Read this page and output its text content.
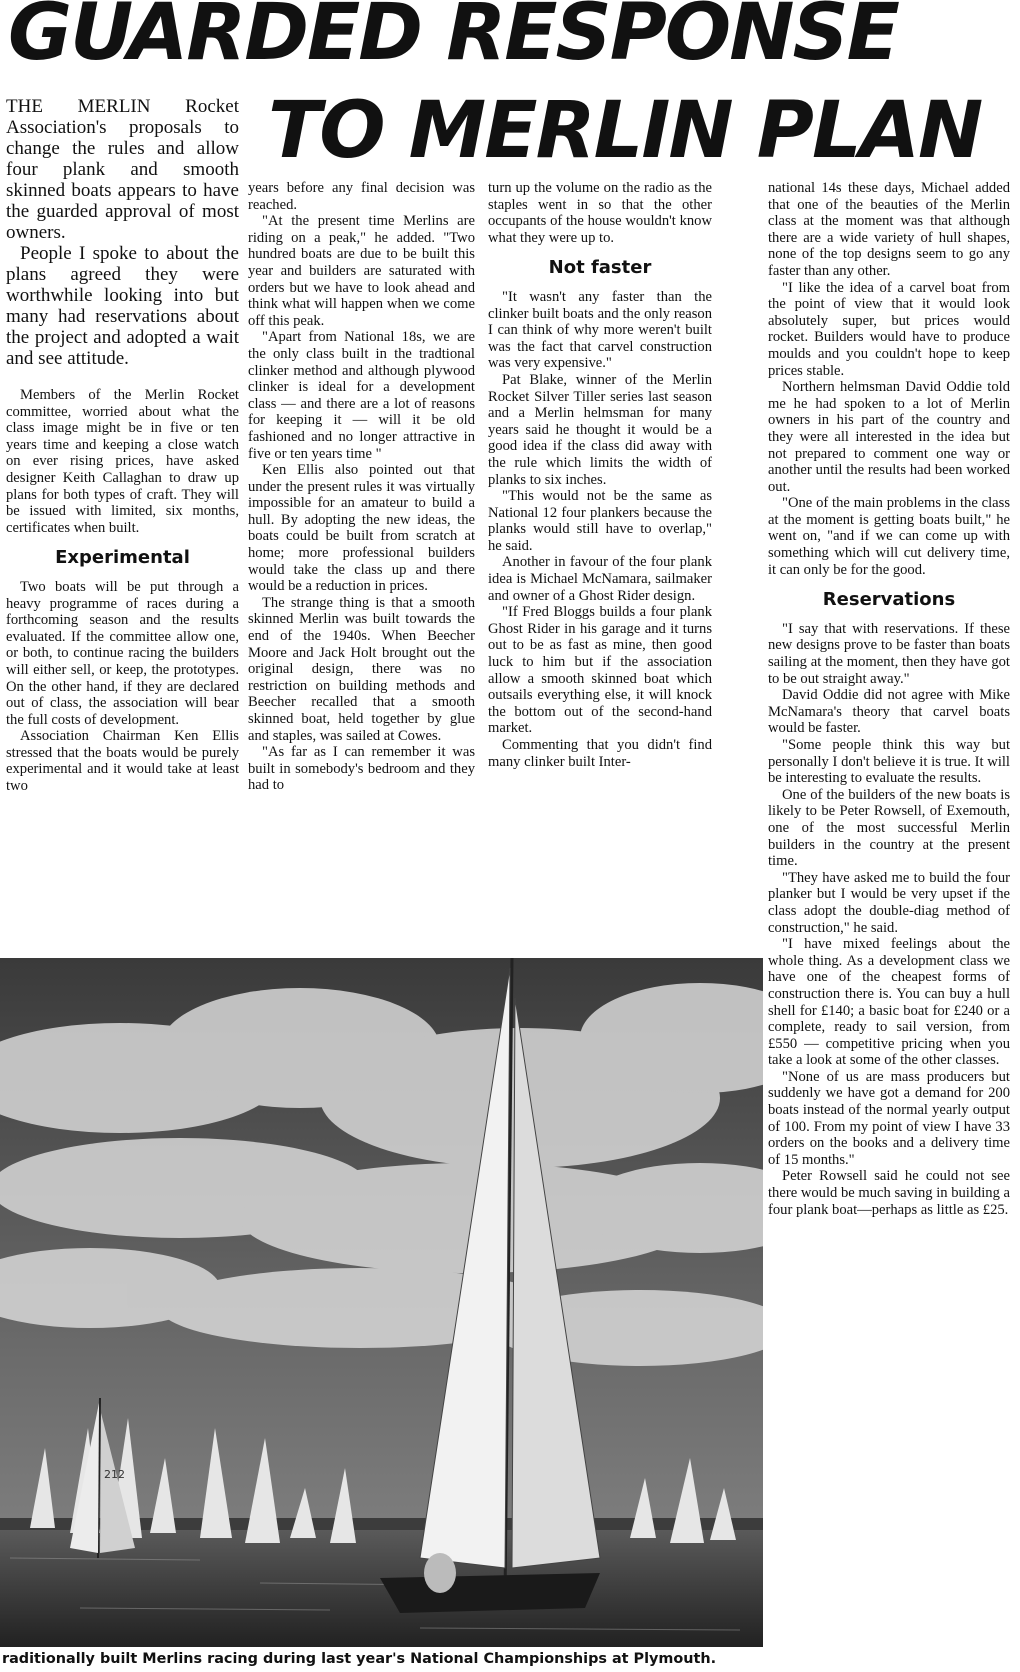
GUARDED RESPONSE
TO MERLIN PLAN

THE MERLIN Rocket Association's proposals to change the rules and allow four plank and smooth skinned boats appears to have the guarded approval of most owners.

People I spoke to about the plans agreed they were worthwhile looking into but many had reservations about the project and adopted a wait and see attitude.

Members of the Merlin Rocket committee, worried about what the class image might be in five or ten years time and keeping a close watch on ever rising prices, have asked designer Keith Callaghan to draw up plans for both types of craft. They will be issued with limited, six months, certificates when built.

Experimental

Two boats will be put through a heavy programme of races during a forthcoming season and the results evaluated. If the committee allow one, or both, to continue racing the builders will either sell, or keep, the prototypes. On the other hand, if they are declared out of class, the association will bear the full costs of development.

Association Chairman Ken Ellis stressed that the boats would be purely experimental and it would take at least two

years before any final decision was reached.

"At the present time Merlins are riding on a peak," he added. "Two hundred boats are due to be built this year and builders are saturated with orders but we have to look ahead and think what will happen when we come off this peak.

"Apart from National 18s, we are the only class built in the tradtional clinker method and although plywood clinker is ideal for a development class — and there are a lot of reasons for keeping it — will it be old fashioned and no longer attractive in five or ten years time "

Ken Ellis also pointed out that under the present rules it was virtually impossible for an amateur to build a hull. By adopting the new ideas, the boats could be built from scratch at home; more professional builders would take the class up and there would be a reduction in prices.

The strange thing is that a smooth skinned Merlin was built towards the end of the 1940s. When Beecher Moore and Jack Holt brought out the original design, there was no restriction on building methods and Beecher recalled that a smooth skinned boat, held together by glue and staples, was sailed at Cowes.

"As far as I can remember it was built in somebody's bedroom and they had to

turn up the volume on the radio as the staples went in so that the other occupants of the house wouldn't know what they were up to.

Not faster

"It wasn't any faster than the clinker built boats and the only reason I can think of why more weren't built was the fact that carvel construction was very expensive."

Pat Blake, winner of the Merlin Rocket Silver Tiller series last season and a Merlin helmsman for many years said he thought it would be a good idea if the class did away with the rule which limits the width of planks to six inches.

"This would not be the same as National 12 four plankers because the planks would still have to overlap," he said.

Another in favour of the four plank idea is Michael McNamara, sailmaker and owner of a Ghost Rider design.

"If Fred Bloggs builds a four plank Ghost Rider in his garage and it turns out to be as fast as mine, then good luck to him but if the association allow a smooth skinned boat which outsails everything else, it will knock the bottom out of the second-hand market.

Commenting that you didn't find many clinker built Inter-

national 14s these days, Michael added that one of the beauties of the Merlin class at the moment was that although there are a wide variety of hull shapes, none of the top designs seem to go any faster than any other.

"I like the idea of a carvel boat from the point of view that it would look absolutely super, but prices would rocket. Builders would have to produce moulds and you couldn't hope to keep prices stable.

Northern helmsman David Oddie told me he had spoken to a lot of Merlin owners in his part of the country and they were all interested in the idea but not prepared to comment one way or another until the results had been worked out.

"One of the main problems in the class at the moment is getting boats built," he went on, "and if we can come up with something which will cut delivery time, it can only be for the good.

Reservations

"I say that with reservations. If these new designs prove to be faster than boats sailing at the moment, then they have got to be out straight away."

David Oddie did not agree with Mike McNamara's theory that carvel boats would be faster.

"Some people think this way but personally I don't believe it is true. It will be interesting to evaluate the results.

One of the builders of the new boats is likely to be Peter Rowsell, of Exemouth, one of the most successful Merlin builders in the country at the present time.

"They have asked me to build the four planker but I would be very upset if the class adopt the double-diag method of construction," he said.

"I have mixed feelings about the whole thing. As a development class we have one of the cheapest forms of construction there is. You can buy a hull shell for £140; a basic boat for £240 or a complete, ready to sail version, from £550 — competitive pricing when you take a look at some of the other classes.

"None of us are mass producers but suddenly we have got a demand for 200 boats instead of the normal yearly output of 100. From my point of view I have 33 orders on the books and a delivery time of 15 months."

Peter Rowsell said he could not see there would be much saving in building a four plank boat—perhaps as little as £25.

212
raditionally built Merlins racing during last year's National Championships at Plymouth.
